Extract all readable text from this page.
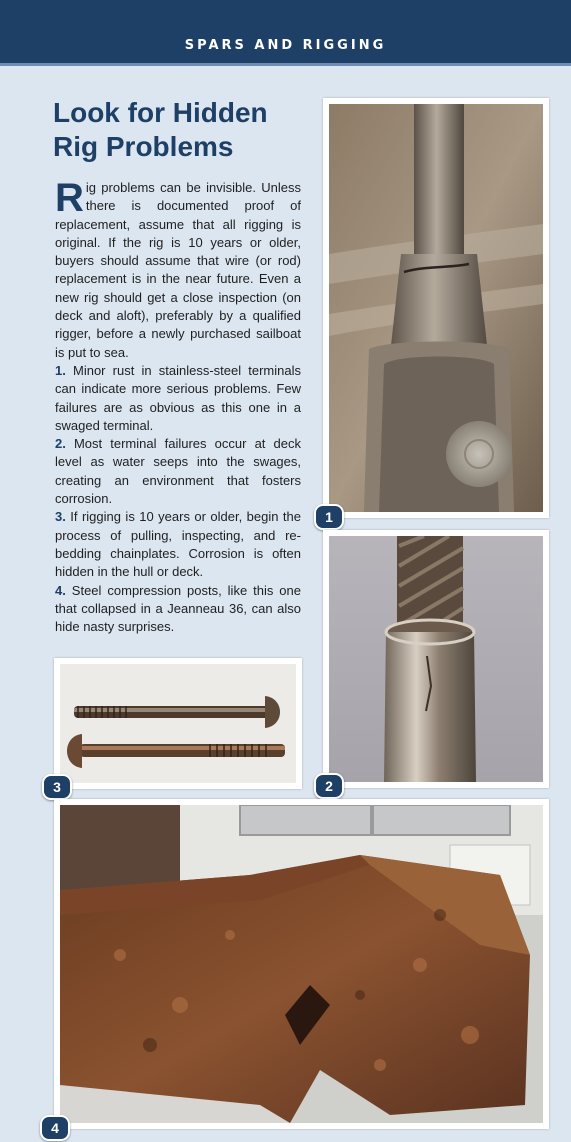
SPARS AND RIGGING
Look for Hidden
Rig Problems

Rig problems can be invisible. Unless there is documented proof of replacement, assume that all rigging is original. If the rig is 10 years or older, buyers should assume that wire (or rod) replacement is in the near future. Even a new rig should get a close inspection (on deck and aloft), preferably by a qualified rigger, before a newly purchased sailboat is put to sea.

1. Minor rust in stainless-steel terminals can indicate more serious problems. Few failures are as obvious as this one in a swaged terminal.

2. Most terminal failures occur at deck level as water seeps into the swages, creating an environment that fosters corrosion.

3. If rigging is 10 years or older, begin the process of pulling, inspecting, and re-bedding chainplates. Corrosion is often hidden in the hull or deck.

4. Steel compression posts, like this one that collapsed in a Jeanneau 36, can also hide nasty surprises.

1
2
3
4
